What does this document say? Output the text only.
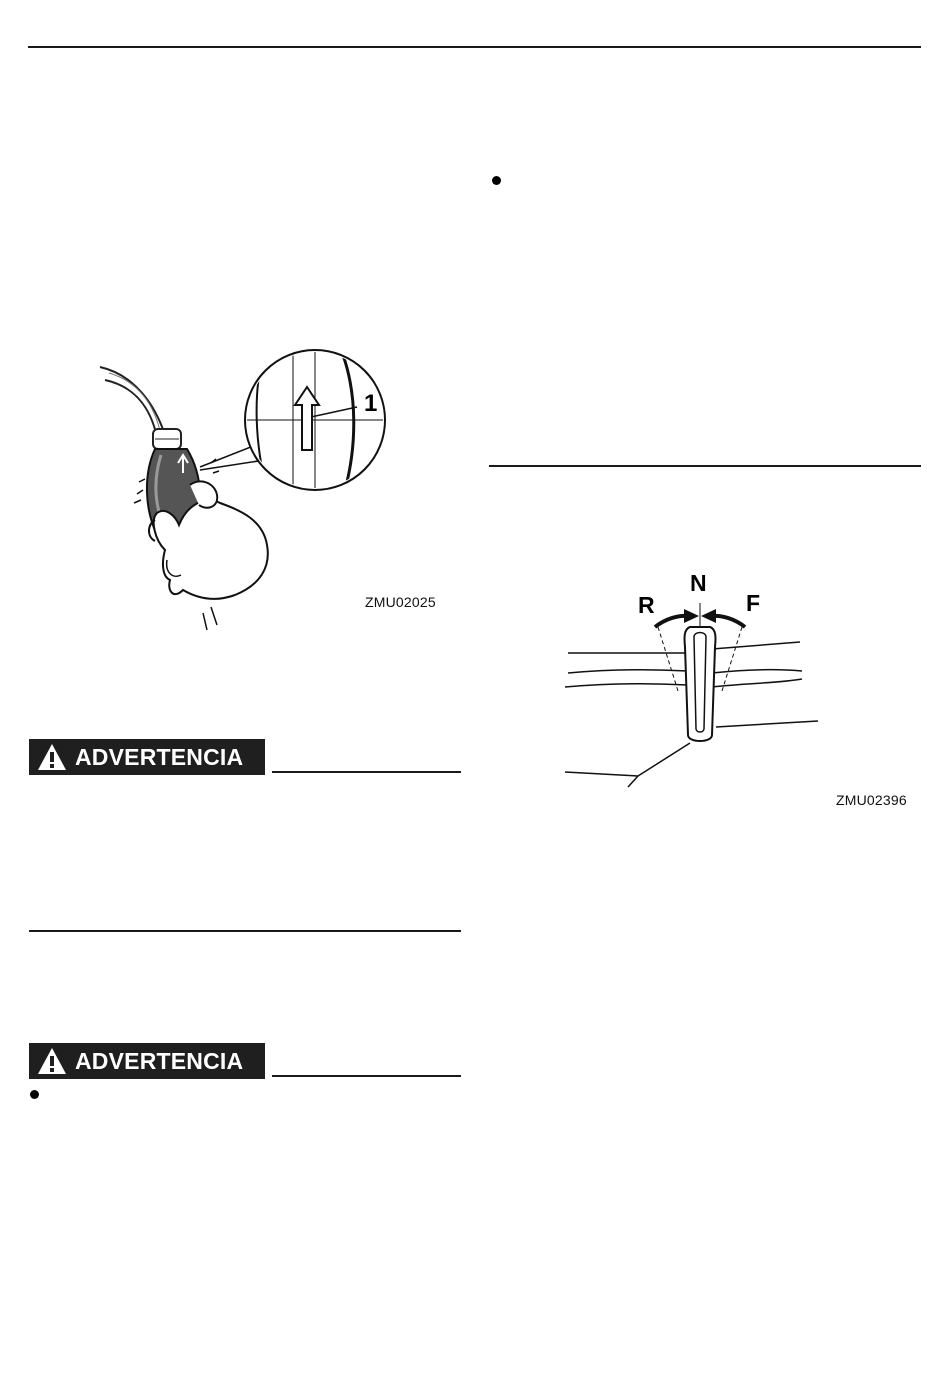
1
ZMU02025
N
R	F
ZMU02396
ADVERTENCIA
ADVERTENCIA
